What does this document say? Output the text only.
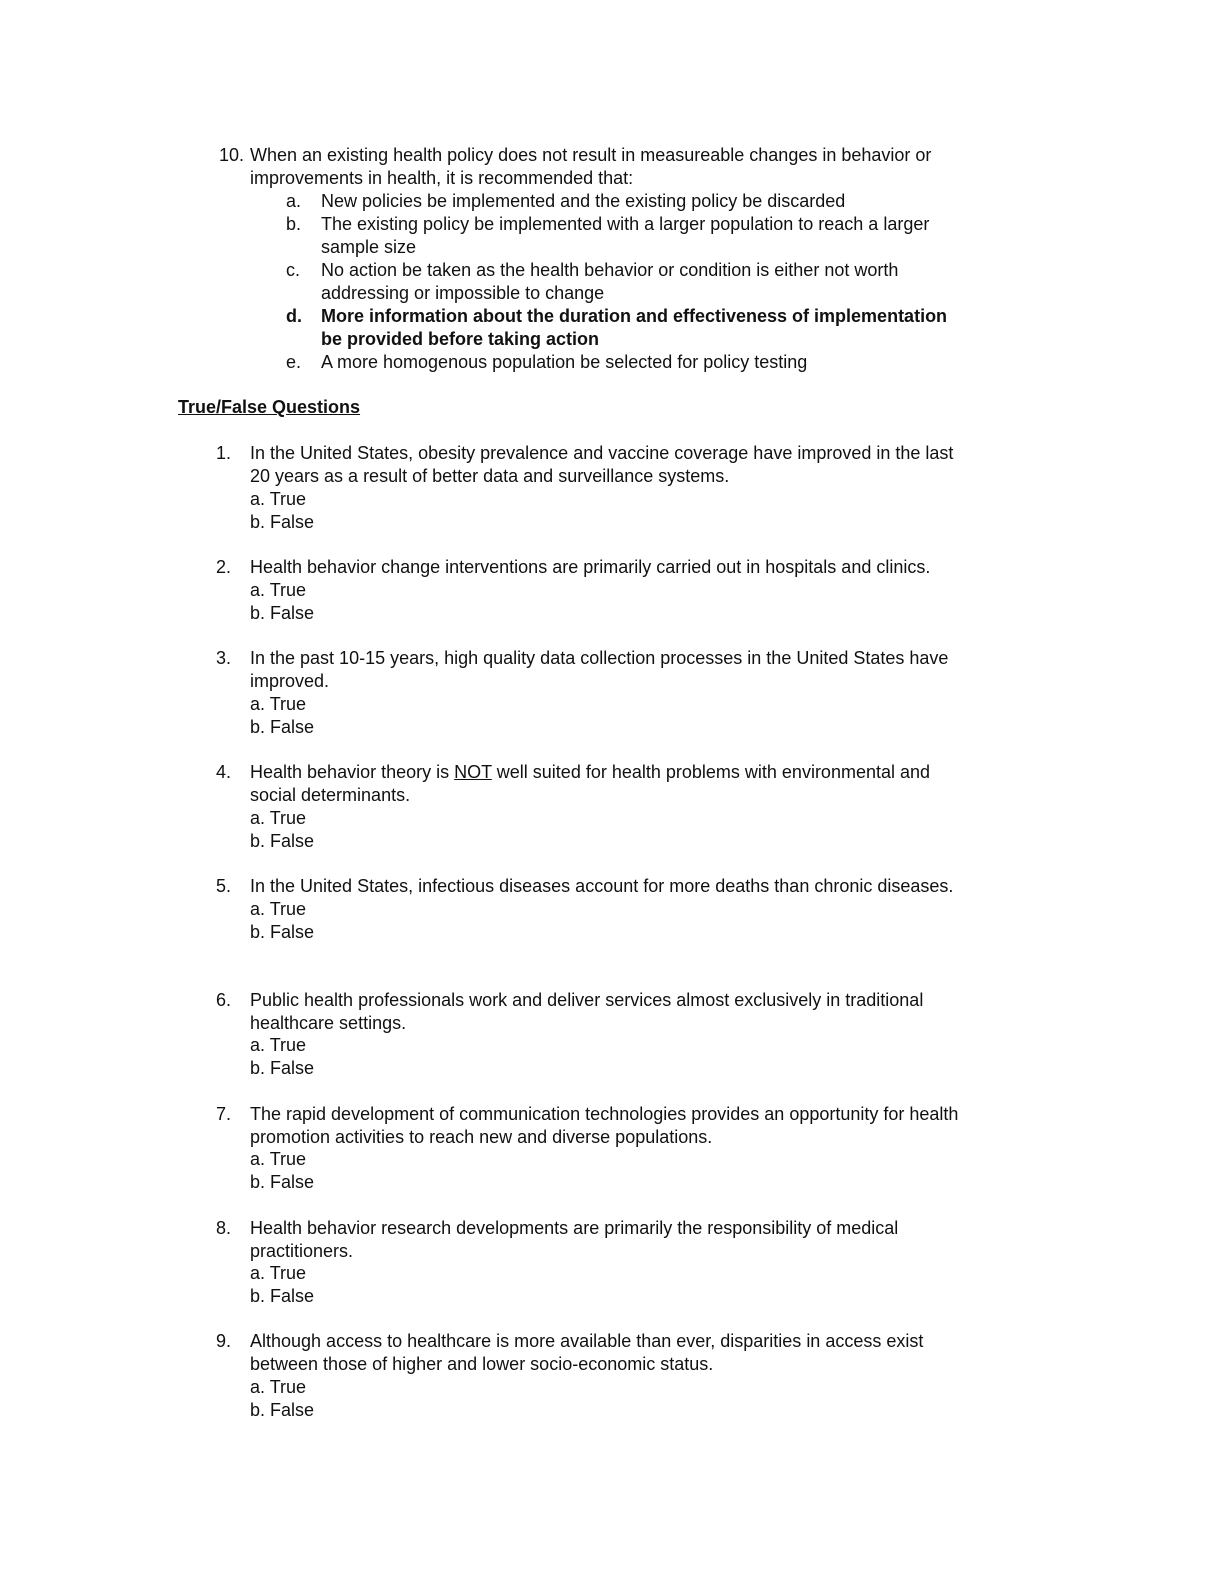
10. When an existing health policy does not result in measureable changes in behavior or
improvements in health, it is recommended that:
a. New policies be implemented and the existing policy be discarded
b. The existing policy be implemented with a larger population to reach a larger
sample size
c. No action be taken as the health behavior or condition is either not worth
addressing or impossible to change
d. More information about the duration and effectiveness of implementation
be provided before taking action
e. A more homogenous population be selected for policy testing
True/False Questions
1. In the United States, obesity prevalence and vaccine coverage have improved in the last
20 years as a result of better data and surveillance systems.
a. True
b. False
2. Health behavior change interventions are primarily carried out in hospitals and clinics.
a. True
b. False
3. In the past 10-15 years, high quality data collection processes in the United States have
improved.
a. True
b. False
4. Health behavior theory is NOT well suited for health problems with environmental and
social determinants.
a. True
b. False
5. In the United States, infectious diseases account for more deaths than chronic diseases.
a. True
b. False
6. Public health professionals work and deliver services almost exclusively in traditional
healthcare settings.
a. True
b. False
7. The rapid development of communication technologies provides an opportunity for health
promotion activities to reach new and diverse populations.
a. True
b. False
8. Health behavior research developments are primarily the responsibility of medical
practitioners.
a. True
b. False
9. Although access to healthcare is more available than ever, disparities in access exist
between those of higher and lower socio-economic status.
a. True
b. False
